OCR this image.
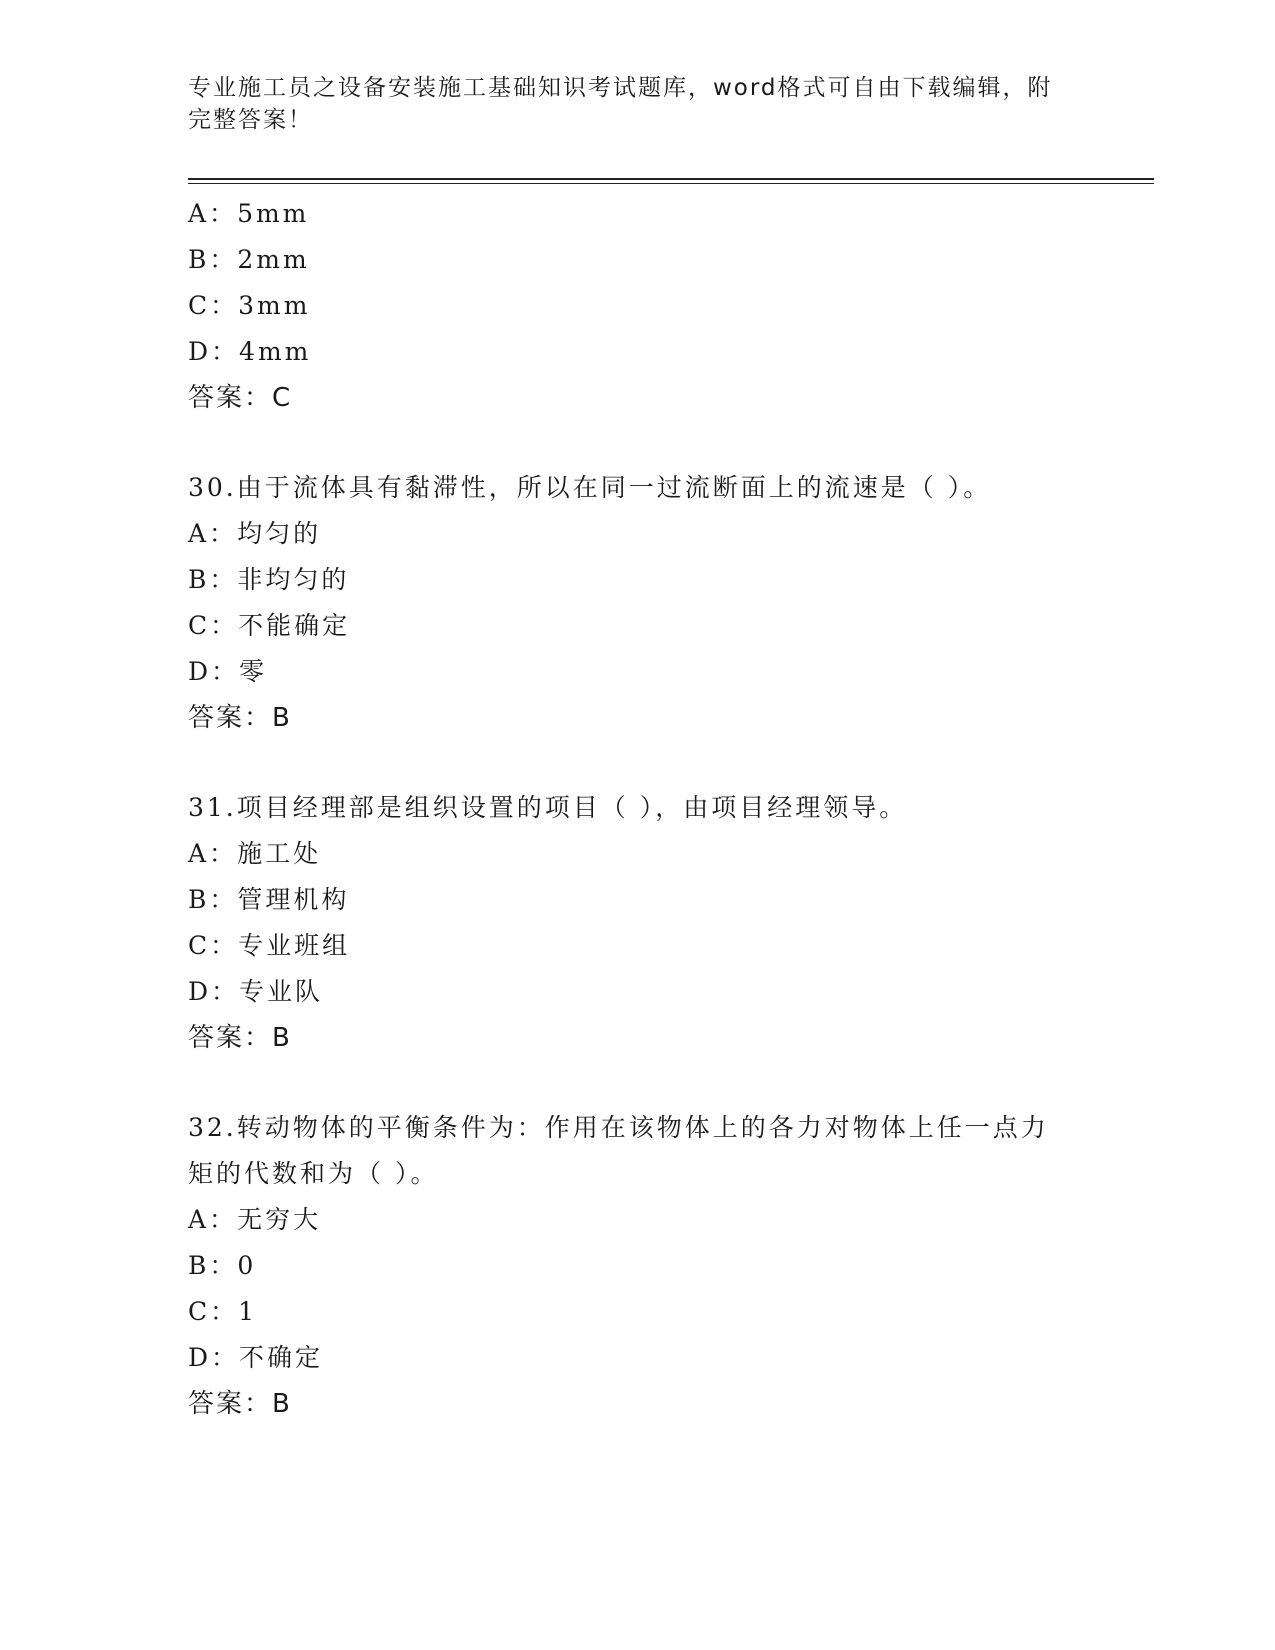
专业施工员之设备安装施工基础知识考试题库，word格式可自由下载编辑，附完整答案！
A：5mm
B：2mm
C：3mm
D：4mm
答案：C
30.由于流体具有黏滞性，所以在同一过流断面上的流速是（ ）。
A：均匀的
B：非均匀的
C：不能确定
D：零
答案：B
31.项目经理部是组织设置的项目（ ），由项目经理领导。
A：施工处
B：管理机构
C：专业班组
D：专业队
答案：B
32.转动物体的平衡条件为：作用在该物体上的各力对物体上任一点力
矩的代数和为（ ）。
A：无穷大
B：0
C：1
D：不确定
答案：B
